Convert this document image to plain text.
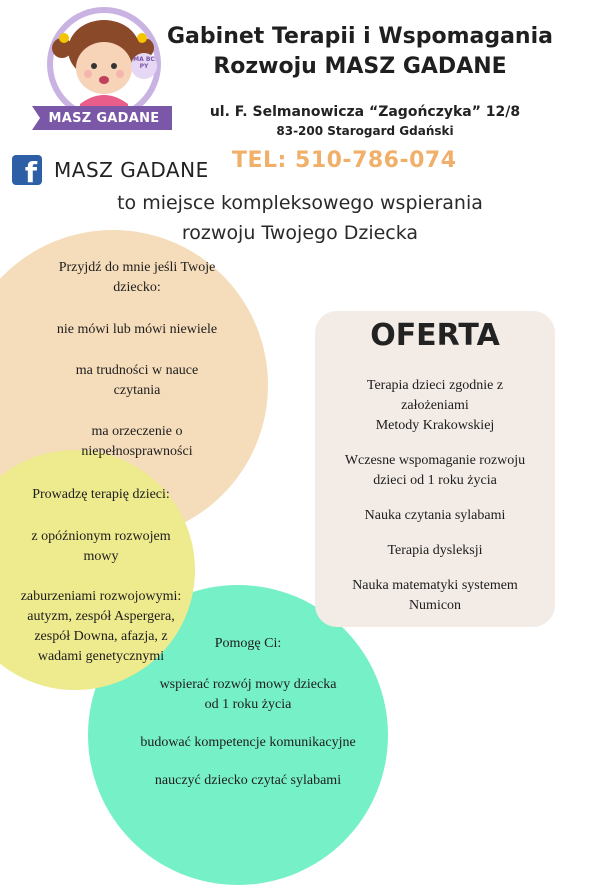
MA BC PY
MASZ GADANE
Gabinet Terapii i Wspomagania
Rozwoju MASZ GADANE
ul. F. Selmanowicza “Zagończyka” 12/8
83-200 Starogard Gdański
f MASZ GADANE TEL: 510-786-074
to miejsce kompleksowego wspierania
rozwoju Twojego Dziecka

Przyjdź do mnie jeśli Twoje

dziecko:

nie mówi lub mówi niewiele

ma trudności w nauce

czytania

ma orzeczenie o

niepełnosprawności

Prowadzę terapię dzieci:

z opóźnionym rozwojem

mowy

zaburzeniami rozwojowymi:

autyzm, zespół Aspergera,

zespół Downa, afazja, z

wadami genetycznymi

Pomogę Ci:

wspierać rozwój mowy dziecka

od 1 roku życia

budować kompetencje komunikacyjne

nauczyć dziecko czytać sylabami

OFERTA

Terapia dzieci zgodnie z

założeniami

Metody Krakowskiej

Wczesne wspomaganie rozwoju

dzieci od 1 roku życia

Nauka czytania sylabami

Terapia dysleksji

Nauka matematyki systemem

Numicon
